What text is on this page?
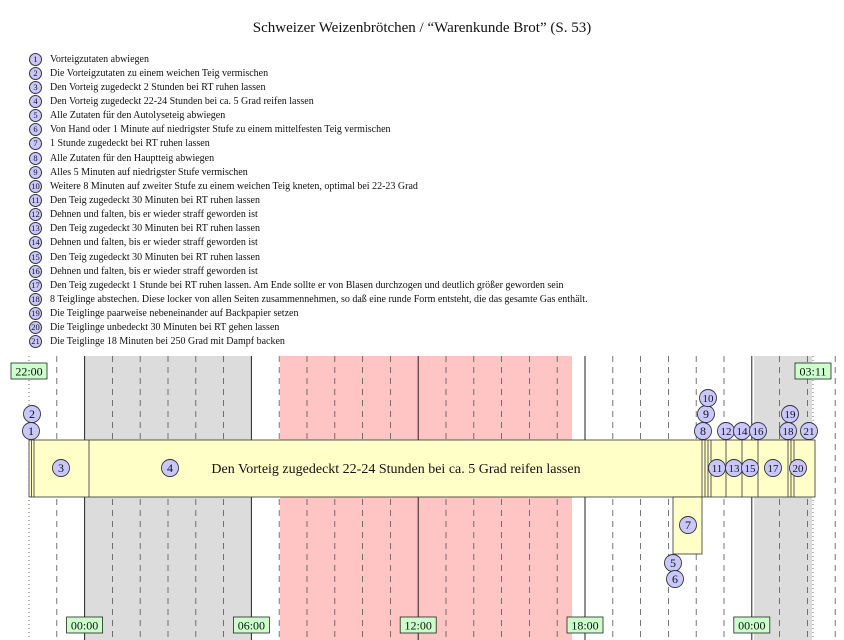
Schweizer Weizenbrötchen / “Warenkunde Brot” (S. 53)
1	Vorteigzutaten abwiegen
2	Die Vorteigzutaten zu einem weichen Teig vermischen
3	Den Vorteig zugedeckt 2 Stunden bei RT ruhen lassen
4	Den Vorteig zugedeckt 22-24 Stunden bei ca. 5 Grad reifen lassen
5	Alle Zutaten für den Autolyseteig abwiegen
6	Von Hand oder 1 Minute auf niedrigster Stufe zu einem mittelfesten Teig vermischen
7	1 Stunde zugedeckt bei RT ruhen lassen
8	Alle Zutaten für den Hauptteig abwiegen
9	Alles 5 Minuten auf niedrigster Stufe vermischen
10 Weitere 8 Minuten auf zweiter Stufe zu einem weichen Teig kneten, optimal bei 22-23 Grad
11 Den Teig zugedeckt 30 Minuten bei RT ruhen lassen
12 Dehnen und falten, bis er wieder straff geworden ist
13 Den Teig zugedeckt 30 Minuten bei RT ruhen lassen
14 Dehnen und falten, bis er wieder straff geworden ist
15 Den Teig zugedeckt 30 Minuten bei RT ruhen lassen
16 Dehnen und falten, bis er wieder straff geworden ist
17 Den Teig zugedeckt 1 Stunde bei RT ruhen lassen. Am Ende sollte er von Blasen durchzogen und deutlich größer geworden sein
18 8 Teiglinge abstechen. Diese locker von allen Seiten zusammennehmen, so daß eine runde Form entsteht, die das gesamte Gas enthält.
19 Die Teiglinge paarweise nebeneinander auf Backpapier setzen
20 Die Teiglinge unbedeckt 30 Minuten bei RT gehen lassen
21 Die Teiglinge 18 Minuten bei 250 Grad mit Dampf backen
Den Vorteig zugedeckt 22-24 Stunden bei ca. 5 Grad reifen lassen
1
2
3	4
5
6
7
8
9
10
11
12
13
14
15
16
17
18
19
20
21
22:00	03:11
00:00	06:00	12:00	18:00	00:00
